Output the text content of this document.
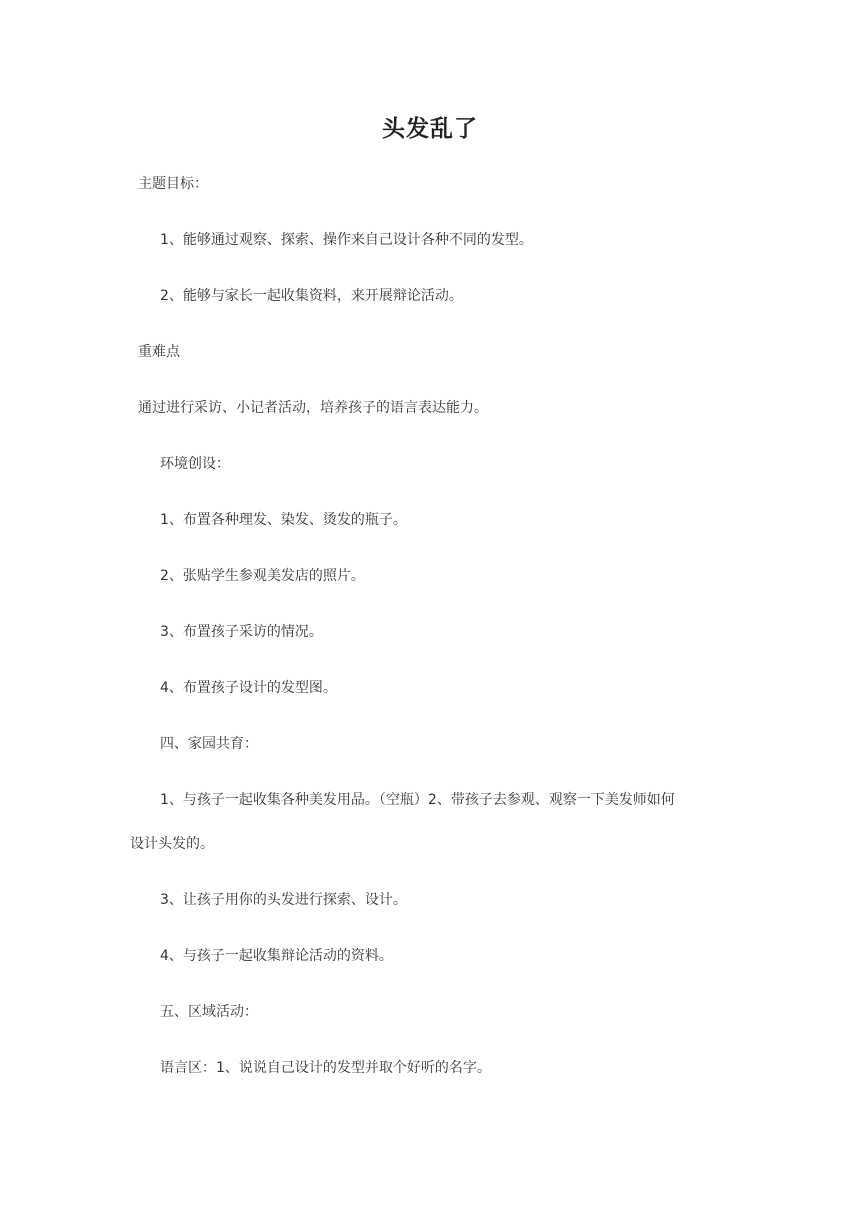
头发乱了
主题目标：
1、能够通过观察、探索、操作来自己设计各种不同的发型。
2、能够与家长一起收集资料，来开展辩论活动。
重难点
通过进行采访、小记者活动，培养孩子的语言表达能力。
环境创设：
1、布置各种理发、染发、烫发的瓶子。
2、张贴学生参观美发店的照片。
3、布置孩子采访的情况。
4、布置孩子设计的发型图。
四、家园共育：
1、与孩子一起收集各种美发用品。（空瓶）2、带孩子去参观、观察一下美发师如何
设计头发的。
3、让孩子用你的头发进行探索、设计。
4、与孩子一起收集辩论活动的资料。
五、区域活动：
语言区：1、说说自己设计的发型并取个好听的名字。
